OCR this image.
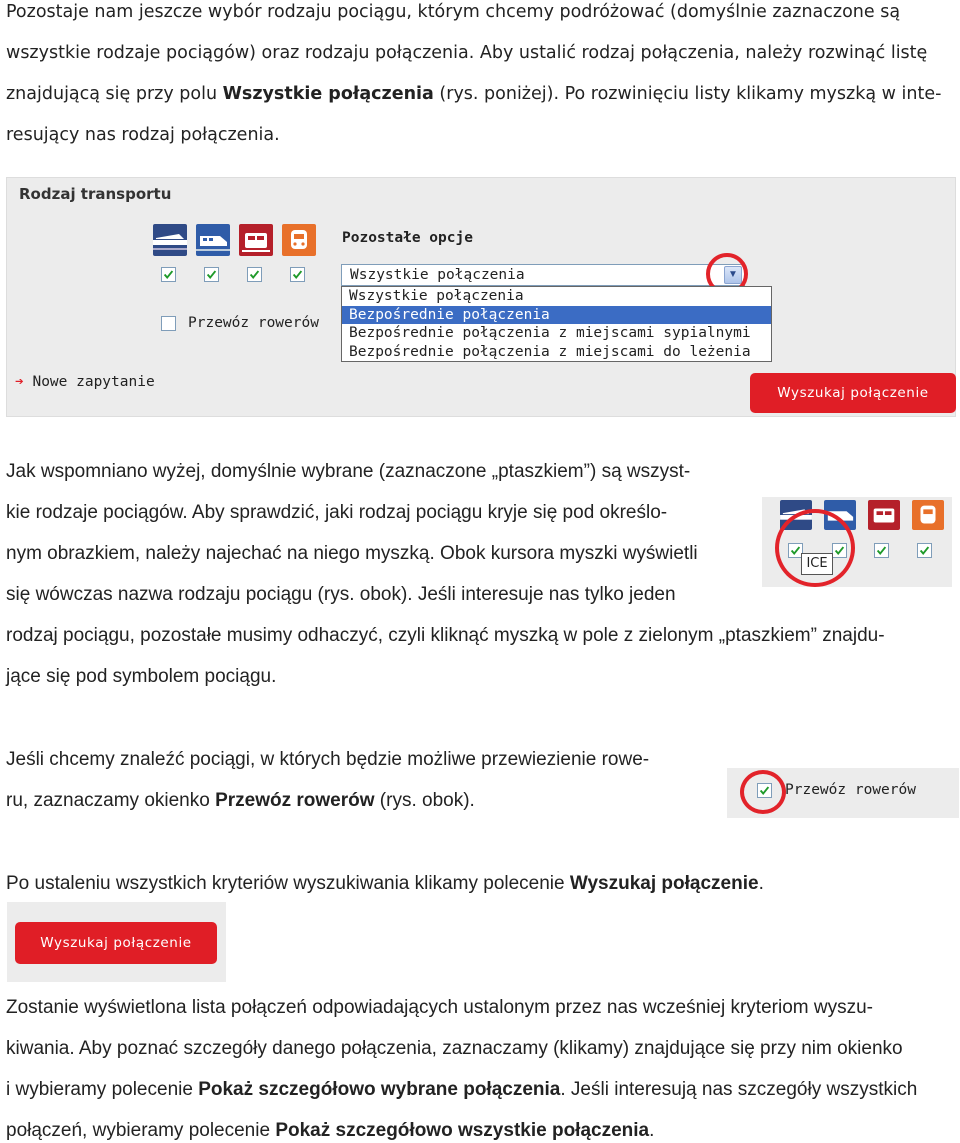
Pozostaje nam jeszcze wybór rodzaju pociągu, którym chcemy podróżować (domyślnie zaznaczone są
wszystkie rodzaje pociągów) oraz rodzaju połączenia. Aby ustalić rodzaj połączenia, należy rozwinąć listę
znajdującą się przy polu Wszystkie połączenia (rys. poniżej). Po rozwinięciu listy klikamy myszką w inte-
resujący nas rodzaj połączenia.
Rodzaj transportu
Przewóz rowerów
Pozostałe opcje
Wszystkie połączenia	▼
Wszystkie połączenia
Bezpośrednie połączenia
Bezpośrednie połączenia z miejscami sypialnymi
Bezpośrednie połączenia z miejscami do leżenia
➔ Nowe zapytanie
Wyszukaj połączenie
Jak wspomniano wyżej, domyślnie wybrane (zaznaczone „ptaszkiem”) są wszyst-
kie rodzaje pociągów. Aby sprawdzić, jaki rodzaj pociągu kryje się pod określo-
nym obrazkiem, należy najechać na niego myszką. Obok kursora myszki wyświetli
się wówczas nazwa rodzaju pociągu (rys. obok). Jeśli interesuje nas tylko jeden
rodzaj pociągu, pozostałe musimy odhaczyć, czyli kliknąć myszką w pole z zielonym „ptaszkiem” znajdu-
jące się pod symbolem pociągu.
ICE
Jeśli chcemy znaleźć pociągi, w których będzie możliwe przewiezienie rowe-
ru, zaznaczamy okienko Przewóz rowerów (rys. obok).	Przewóz rowerów
Po ustaleniu wszystkich kryteriów wyszukiwania klikamy polecenie Wyszukaj połączenie.
Wyszukaj połączenie
Zostanie wyświetlona lista połączeń odpowiadających ustalonym przez nas wcześniej kryteriom wyszu-
kiwania. Aby poznać szczegóły danego połączenia, zaznaczamy (klikamy) znajdujące się przy nim okienko
i wybieramy polecenie Pokaż szczegółowo wybrane połączenia. Jeśli interesują nas szczegóły wszystkich
połączeń, wybieramy polecenie Pokaż szczegółowo wszystkie połączenia.
